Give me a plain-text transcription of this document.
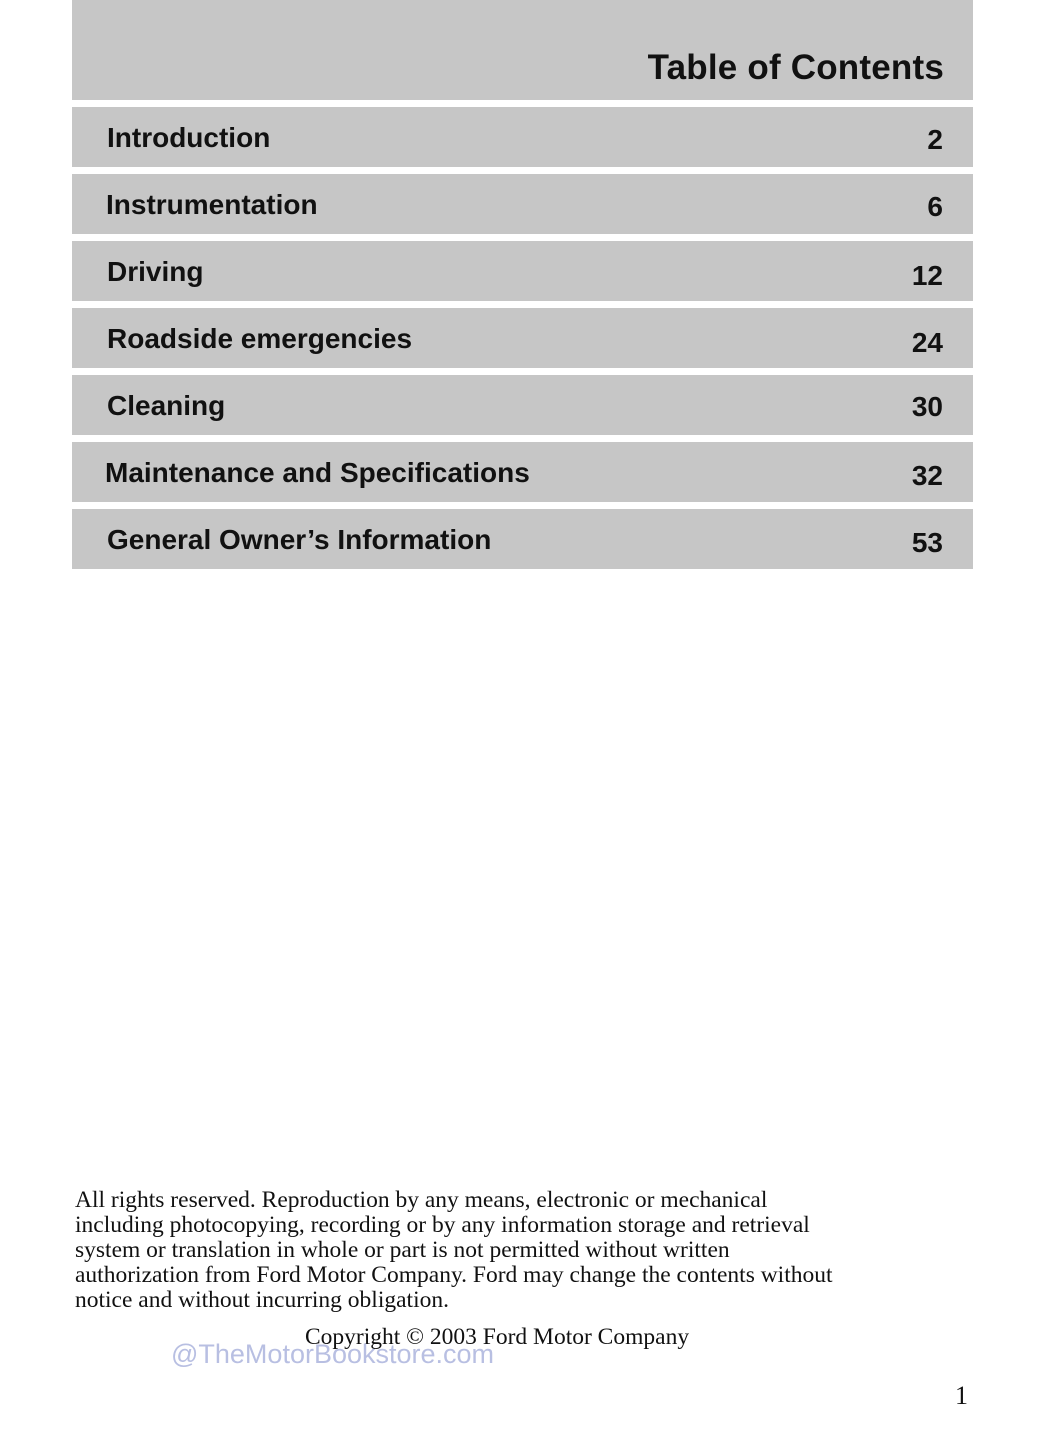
Table of Contents
Introduction	2
Instrumentation	6
Driving	12
Roadside emergencies	24
Cleaning	30
Maintenance and Specifications	32
General Owner’s Information	53
All rights reserved. Reproduction by any means, electronic or mechanical
including photocopying, recording or by any information storage and retrieval
system or translation in whole or part is not permitted without written
authorization from Ford Motor Company. Ford may change the contents without
notice and without incurring obligation.
Copyright © 2003 Ford Motor Company
@TheMotorBookstore.com
1
